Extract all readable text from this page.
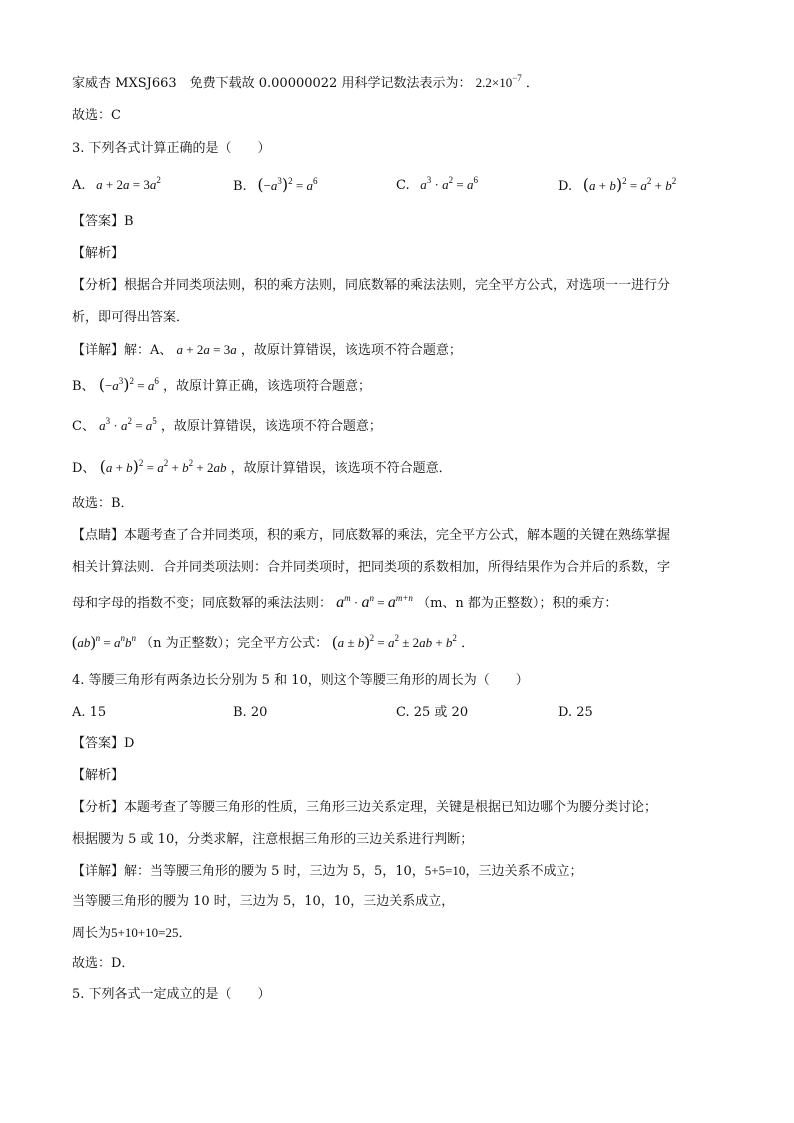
家威杏 MXSJ663　免费下载故 0.00000022 用科学记数法表示为： $2.2\times 10^{-7}$ ．
故选：C
3. 下列各式计算正确的是（　　）
A.   $a + 2a = 3a^2$	B. $(-a^3)^2 = a^6$	C.   $a^3 \cdot a^2 = a^6$	D. $(a + b)^2 = a^2 + b^2$
【答案】B
【解析】
【分析】根据合并同类项法则，积的乘方法则，同底数幂的乘法法则，完全平方公式，对选项一一进行分
析，即可得出答案．
【详解】解：A、 a + 2a = 3a ，故原计算错误，该选项不符合题意；
B、 $(-a^3)^2 = a^6$ ，故原计算正确，该选项符合题意；
C、 $a^3 \cdot a^2 = a^5$ ，故原计算错误，该选项不符合题意；
D、 $(a + b)^2 = a^2 + b^2 + 2ab$ ，故原计算错误，该选项不符合题意．
故选：B．
【点睛】本题考查了合并同类项，积的乘方，同底数幂的乘法，完全平方公式，解本题的关键在熟练掌握
相关计算法则．合并同类项法则：合并同类项时，把同类项的系数相加，所得结果作为合并后的系数，字
母和字母的指数不变；同底数幂的乘法法则： $a^m \cdot a^n = a^{m+n}$ （m、n 都为正整数）；积的乘方：
$(ab)^n = a^nb^n$ （n 为正整数）；完全平方公式： $(a \pm b)^2 = a^2 \pm 2ab + b^2$ ．
4. 等腰三角形有两条边长分别为 5 和 10，则这个等腰三角形的周长为（　　）
A. 15	B. 20	C. 25 或 20	D. 25
【答案】D
【解析】
【分析】本题考查了等腰三角形的性质，三角形三边关系定理，关键是根据已知边哪个为腰分类讨论；
根据腰为 5 或 10，分类求解，注意根据三角形的三边关系进行判断；
【详解】解：当等腰三角形的腰为 5 时，三边为 5，5，10，5+5=10，三边关系不成立；
当等腰三角形的腰为 10 时，三边为 5，10，10，三边关系成立，
周长为5+10+10=25．
故选：D．
5. 下列各式一定成立的是（　　）
